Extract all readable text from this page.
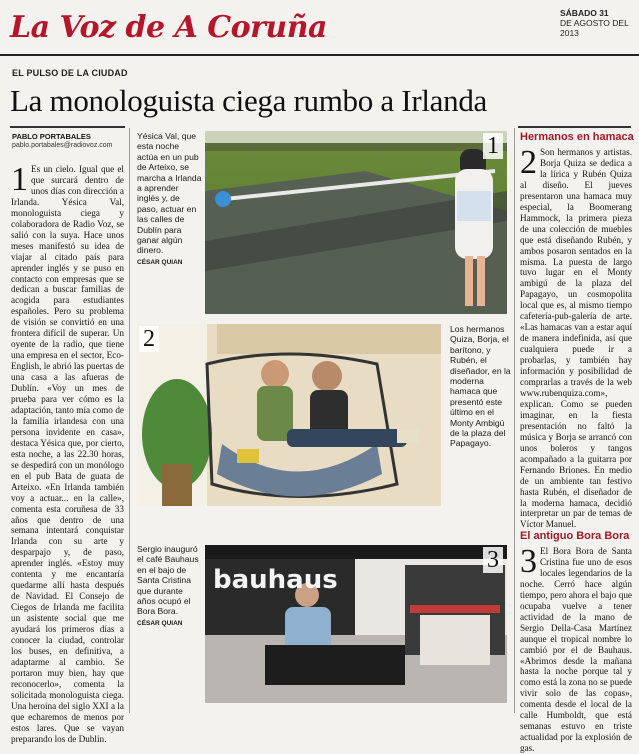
La Voz de A Coruña	SÁBADO 31
DE AGOSTO DEL
2013
EL PULSO DE LA CIUDAD
La monologuista ciega rumbo a Irlanda
PABLO PORTABALES
pablo.portabales@radiovoz.com
1 Es un cielo. Igual que el que surcará dentro de unos días con dirección a Irlanda. Yésica Val, monologuista ciega y colaboradora de Radio Voz, se salió con la suya. Hace unos meses manifestó su idea de viajar al citado país para aprender inglés y se puso en contacto con empresas que se dedican a buscar familias de acogida para estudiantes españoles. Pero su problema de visión se convirtió en una frontera difícil de superar. Un oyente de la radio, que tiene una empresa en el sector, Eco-English, le abrió las puertas de una casa a las afueras de Dublín. «Voy un mes de prueba para ver cómo es la adaptación, tanto mía como de la familia irlandesa con una persona invidente en casa», destaca Yésica que, por cierto, esta noche, a las 22.30 horas, se despedirá con un monólogo en el pub Bata de guata de Arteixo. «En Irlanda también voy a actuar... en la calle», comenta esta coruñesa de 33 años que dentro de una semana intentará conquistar Irlanda con su arte y desparpajo y, de paso, aprender inglés. «Estoy muy contenta y me encantaría quedarme allí hasta después de Navidad. El Consejo de Ciegos de Irlanda me facilita un asistente social que me ayudará los primeros días a conocer la ciudad, controlar los buses, en definitiva, a adaptarme al cambio. Se portaron muy bien, hay que reconocerlo», comenta la solicitada monologuista ciega. Una heroína del siglo XXI a la que echaremos de menos por estos lares. Que se vayan preparando los de Dublín.
Yésica Val, que esta noche actúa en un pub de Arteixo, se marcha a Irlanda a aprender inglés y, de paso, actuar en las calles de Dublín para ganar algún dinero.
CÉSAR QUIAN
1
2	Los hermanos Quiza, Borja, el barítono, y Rubén, el diseñador, en la moderna hamaca que presentó este último en el Monty Ambigú de la plaza del Papagayo.
Sergio inauguró el café Bauhaus en el bajo de Santa Cristina que durante años ocupó el Bora Bora.
CÉSAR QUIAN
bauhaus
3
Hermanos en hamaca
2 Son hermanos y artistas. Borja Quiza se dedica a la lírica y Rubén Quiza al diseño. El jueves presentaron una hamaca muy especial, la Boomerang Hammock, la primera pieza de una colección de muebles que está diseñando Rubén, y ambos posaron sentados en la misma. La puesta de largo tuvo lugar en el Monty ambigú de la plaza del Papagayo, un cosmopolita local que es, al mismo tiempo cafetería-pub-galería de arte. «Las hamacas van a estar aquí de manera indefinida, así que cualquiera puede ir a probarlas, y también hay información y posibilidad de comprarlas a través de la web www.rubenquiza.com», explican. Como se pueden imaginar, en la fiesta presentación no faltó la música y Borja se arrancó con unos boleros y tangos acompañado a la guitarra por Fernando Briones. En medio de un ambiente tan festivo hasta Rubén, el diseñador de la moderna hamaca, decidió interpretar un par de temas de Víctor Manuel.
El antiguo Bora Bora
3 El Bora Bora de Santa Cristina fue uno de esos locales legendarios de la noche. Cerró hace algún tiempo, pero ahora el bajo que ocupaba vuelve a tener actividad de la mano de Sergio Della-Casa Martínez aunque el tropical nombre lo cambió por el de Bauhaus. «Abrimos desde la mañana hasta la noche porque tal y como está la zona no se puede vivir solo de las copas», comenta desde el local de la calle Humboldt, que está semanas estuvo en triste actualidad por la explosión de gas.
